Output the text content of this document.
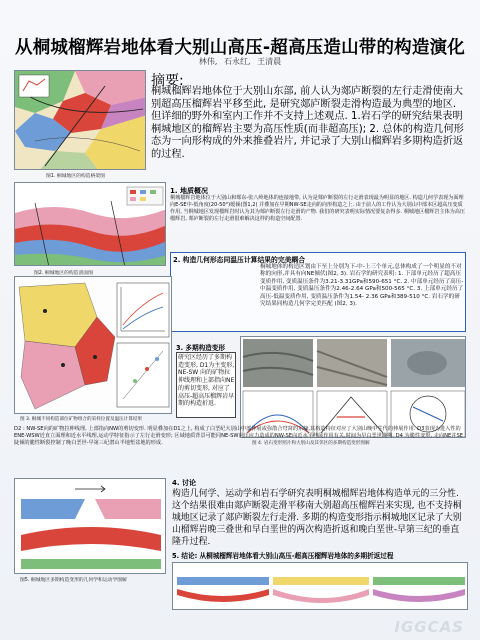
从桐城榴辉岩地体看大别山高压-超高压造山带的构造演化
林伟, 石永红, 王清晨
图1. 桐城地区的构造格架图
摘要:
桐城榴辉岩地体位于大别山东部, 前人认为郯庐断裂的左行走滑使南大别超高压榴辉岩平移至此, 是研究郯庐断裂走滑构造最为典型的地区. 但详细的野外和室内工作并不支持上述观点. 1.岩石学的研究结果表明桐城地区的榴辉岩主要为高压性质(而非超高压); 2. 总体的构造几何形态为一向形构成的外来推叠岩片, 并记录了大别山榴辉岩多期构造折返的过程.
图2. 桐城地区的构造剖面图
1. 地质概况
桐城榴辉岩地体位于大别山和郯东-张八岭地体的连接地带, 认为是郯庐断裂的左行走滑表现最为明显的地区. 构造几何学表现为面理向E-SE中-低角度(20-50°)缓倾(图1,2) 并叠加在早期NW-SE走向的向形构造之上. 由于前人的工作认为大别山中部本区超高压变质作用, 当桐城地区发现榴辉岩时认为其为郯庐断裂左行走滑的产物. 我们的研究表明实际情况要复杂得多. 桐城地区榴辉岩主体为高压榴辉岩, 郯庐断裂的左行走滑很难解决这样的构造空间配置.
2. 构造几何形态同温压计算结果的完美耦合
桐城地体的构造区划由下至上分别为下-中-上三个单元,总体构成了一个明显的不对称的向形,并具有向NE倾伏(图2, 3). 岩石学的研究表明: 1. 下部单元经历了超高压变质作用, 变质温压条件为3.21-3.31GPa和590-651 °C. 2. 中部单元经历了高压-中温变质作用, 变质温压条件为2.46-2.64 GPa和500-565 °C. 3. 上部单元经历了高压-低温变质作用, 变质温压条件为1.54- 2.36 GPa和389-510 °C. 岩石学的研究结果同构造几何学完美匹配 (图2, 3).
图 3. 桐城不同构造部位矿物组合的采样位置及温压计算结果
3. 多期构造变形
研究区经历了多期构造变形, D1为主变形, NE-SW 向的矿物拉伸线理和上部指向NE的剪切变形, 对应了高压-超高压榴辉岩早期的构造折返.
图 4. 岩石变形照片和大别山及其邻区的多期构造变形图解
D2 : NW-SE向的矿物拉伸线理, 上部指向NW的剪切变形. 明显叠加在D1之上, 构成了白垩纪大别山中部伸展或弥散合穹窝的东缘,其构造特征对应了大别山晚中生代的伸展作用. D3表现为进入性的ENE-WSW近直立面理和近水平线理,运动学特征指示了左行走滑变形; 区域地质背景可能同NE-SW向压应力造成的NW-SE向近水平伸展作用有关,时间为早白垩世晚期. D4 为脆性变形, 走向NE并SE陡倾的脆性断裂控制了晚白垩世-早第三纪潜山半地堑盆地的形成.
4. 讨论
构造几何学、运动学和岩石学研究表明桐城榴辉岩地体构造单元的三分性. 这个结果很难由郯庐断裂走滑平移南大别超高压榴辉岩来实现, 也不支持桐城地区记录了郯庐断裂左行走滑. 多期的构造变形指示桐城地区记录了大别山榴辉岩晚三叠世和早白垩世的两次构造折返和晚白垩世-早第三纪的垂直隆升过程.
图5. 桐城地区多期构造变形的几何学和运动学图解
5. 结论: 从桐城榴辉岩地体看大别山高压-超高压榴辉岩地体的多期折返过程
IGGCAS
